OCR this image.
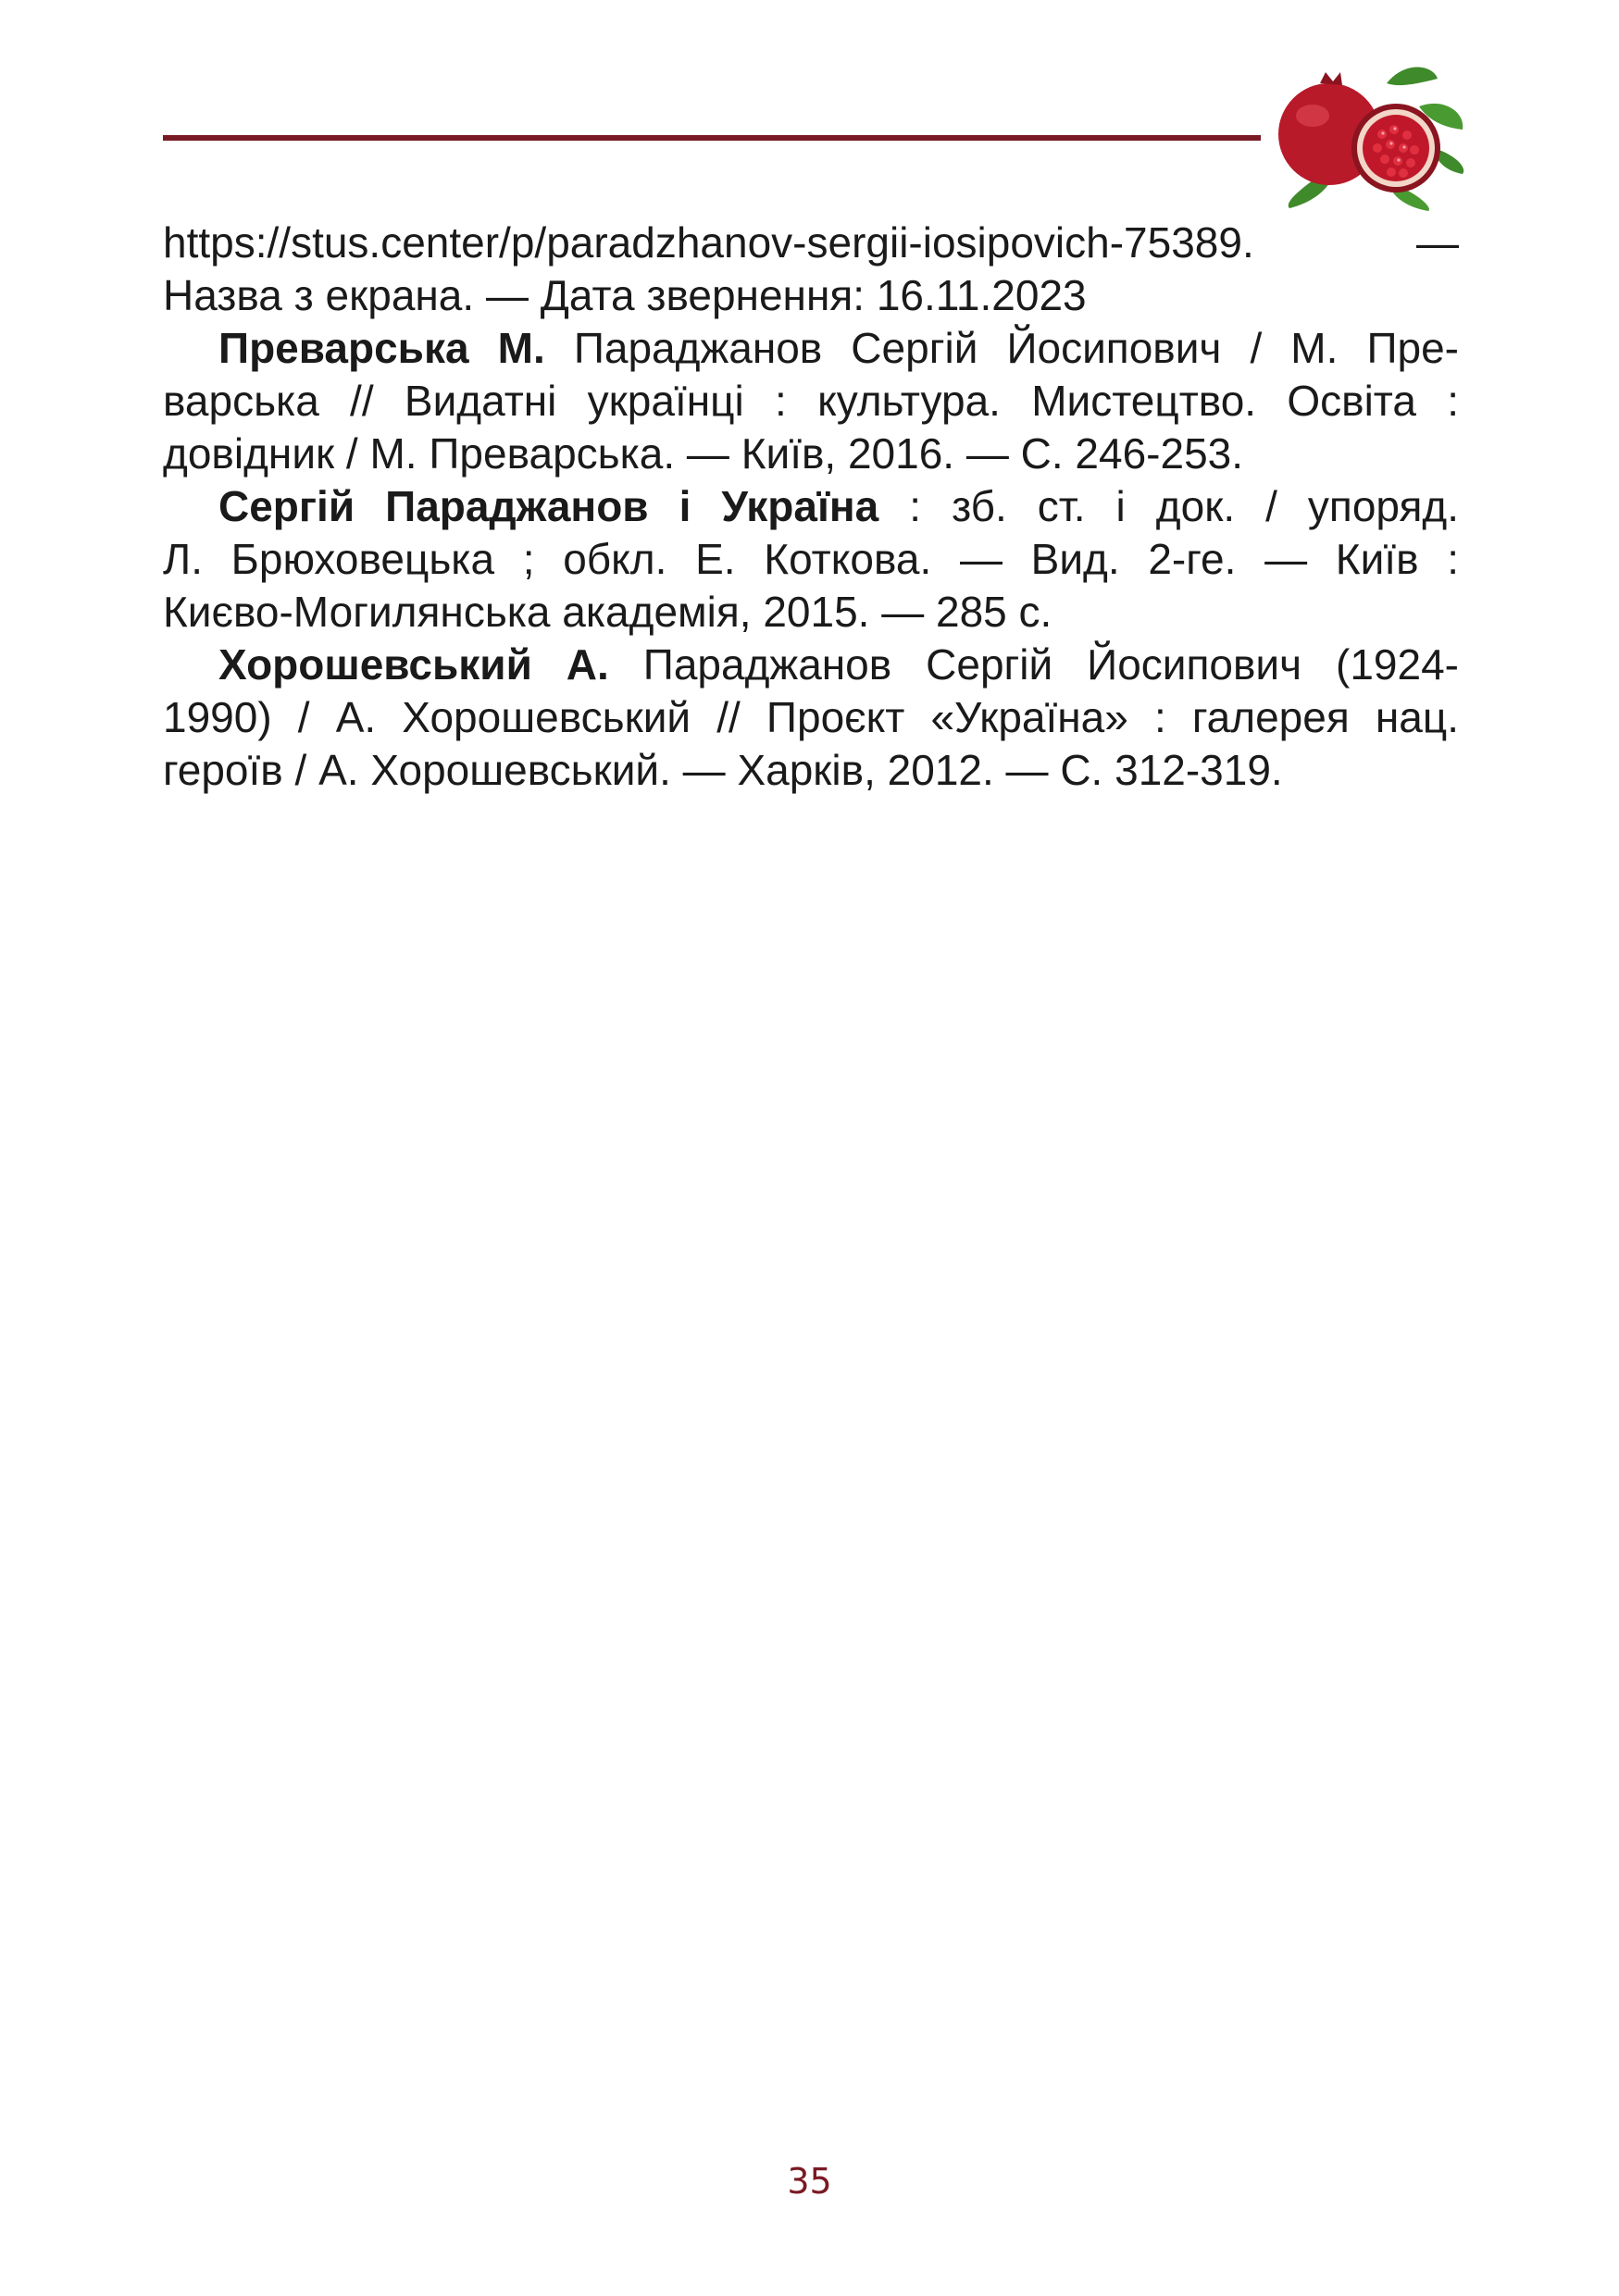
https://stus.center/p/paradzhanov-sergii-iosipovich-75389. —
Назва з екрана. — Дата звернення: 16.11.2023

Преварська М. Параджанов Сергій Йосипович / М. Пре-
варська // Видатні українці : культура. Мистецтво. Освіта :
довідник / М. Преварська. — Київ, 2016. — С. 246-253.

Сергій Параджанов і Україна : зб. ст. і док. / упоряд.
Л. Брюховецька ; обкл. Е. Коткова. — Вид. 2-ге. — Київ :
Києво-Могилянська академія, 2015. — 285 с.

Хорошевський А. Параджанов Сергій Йосипович (1924-
1990) / А. Хорошевський // Проєкт «Україна» : галерея нац.
героїв / А. Хорошевський. — Харків, 2012. — С. 312-319.

35
